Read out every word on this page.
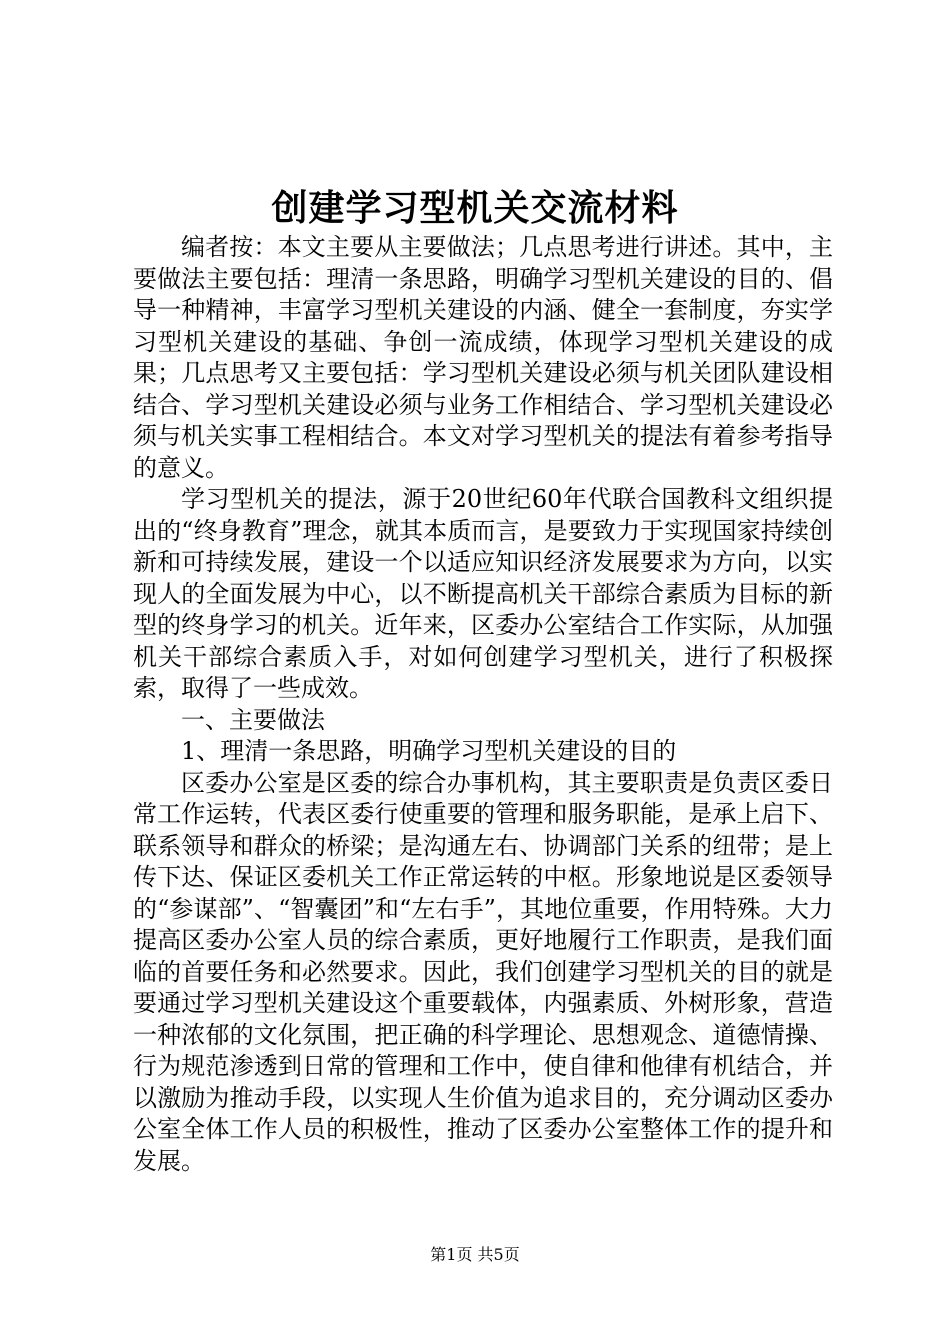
创建学习型机关交流材料

编者按：本文主要从主要做法；几点思考进行讲述。其中，主要做法主要包括：理清一条思路，明确学习型机关建设的目的、倡导一种精神，丰富学习型机关建设的内涵、健全一套制度，夯实学习型机关建设的基础、争创一流成绩，体现学习型机关建设的成果；几点思考又主要包括：学习型机关建设必须与机关团队建设相结合、学习型机关建设必须与业务工作相结合、学习型机关建设必须与机关实事工程相结合。本文对学习型机关的提法有着参考指导的意义。

学习型机关的提法，源于20世纪60年代联合国教科文组织提出的“终身教育”理念，就其本质而言，是要致力于实现国家持续创新和可持续发展，建设一个以适应知识经济发展要求为方向，以实现人的全面发展为中心，以不断提高机关干部综合素质为目标的新型的终身学习的机关。近年来，区委办公室结合工作实际，从加强机关干部综合素质入手，对如何创建学习型机关，进行了积极探索，取得了一些成效。

一、主要做法

1、理清一条思路，明确学习型机关建设的目的

区委办公室是区委的综合办事机构，其主要职责是负责区委日常工作运转，代表区委行使重要的管理和服务职能，是承上启下、联系领导和群众的桥梁；是沟通左右、协调部门关系的纽带；是上传下达、保证区委机关工作正常运转的中枢。形象地说是区委领导的“参谋部”、“智囊团”和“左右手”，其地位重要，作用特殊。大力提高区委办公室人员的综合素质，更好地履行工作职责，是我们面临的首要任务和必然要求。因此，我们创建学习型机关的目的就是要通过学习型机关建设这个重要载体，内强素质、外树形象，营造一种浓郁的文化氛围，把正确的科学理论、思想观念、道德情操、行为规范渗透到日常的管理和工作中，使自律和他律有机结合，并以激励为推动手段，以实现人生价值为追求目的，充分调动区委办公室全体工作人员的积极性，推动了区委办公室整体工作的提升和发展。

第1页 共5页
